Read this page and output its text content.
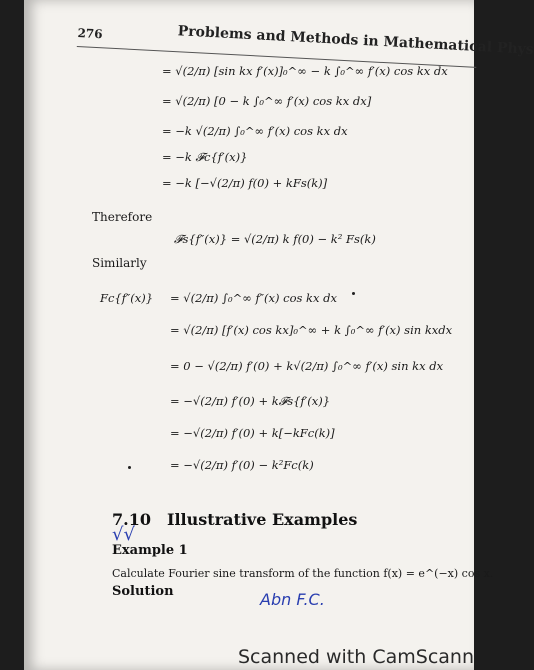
276	Problems and Methods in Mathematical Phys
= √(2/π) [sin kx f′(x)]₀^∞ − k ∫₀^∞ f′(x) cos kx dx
= √(2/π) [0 − k ∫₀^∞ f′(x) cos kx dx]
= −k √(2/π) ∫₀^∞ f′(x) cos kx dx
= −k 𝓕c{f′(x)}
= −k [−√(2/π) f(0) + kFs(k)]
Therefore
𝓕s{f″(x)} = √(2/π) k f(0) − k² Fs(k)
Similarly
Fc{f″(x)} = √(2/π) ∫₀^∞ f″(x) cos kx dx
= √(2/π) [f′(x) cos kx]₀^∞ + k ∫₀^∞ f′(x) sin kxdx
= 0 − √(2/π) f′(0) + k√(2/π) ∫₀^∞ f′(x) sin kx dx
= −√(2/π) f′(0) + k𝓕s{f′(x)}
= −√(2/π) f′(0) + k[−kFc(k)]
= −√(2/π) f′(0) − k²Fc(k)
7.10 Illustrative Examples
√√
Example 1
Calculate Fourier sine transform of the function f(x) = e^(−x) cos x.
Solution	Abn F.C.
Scanned with CamScann
